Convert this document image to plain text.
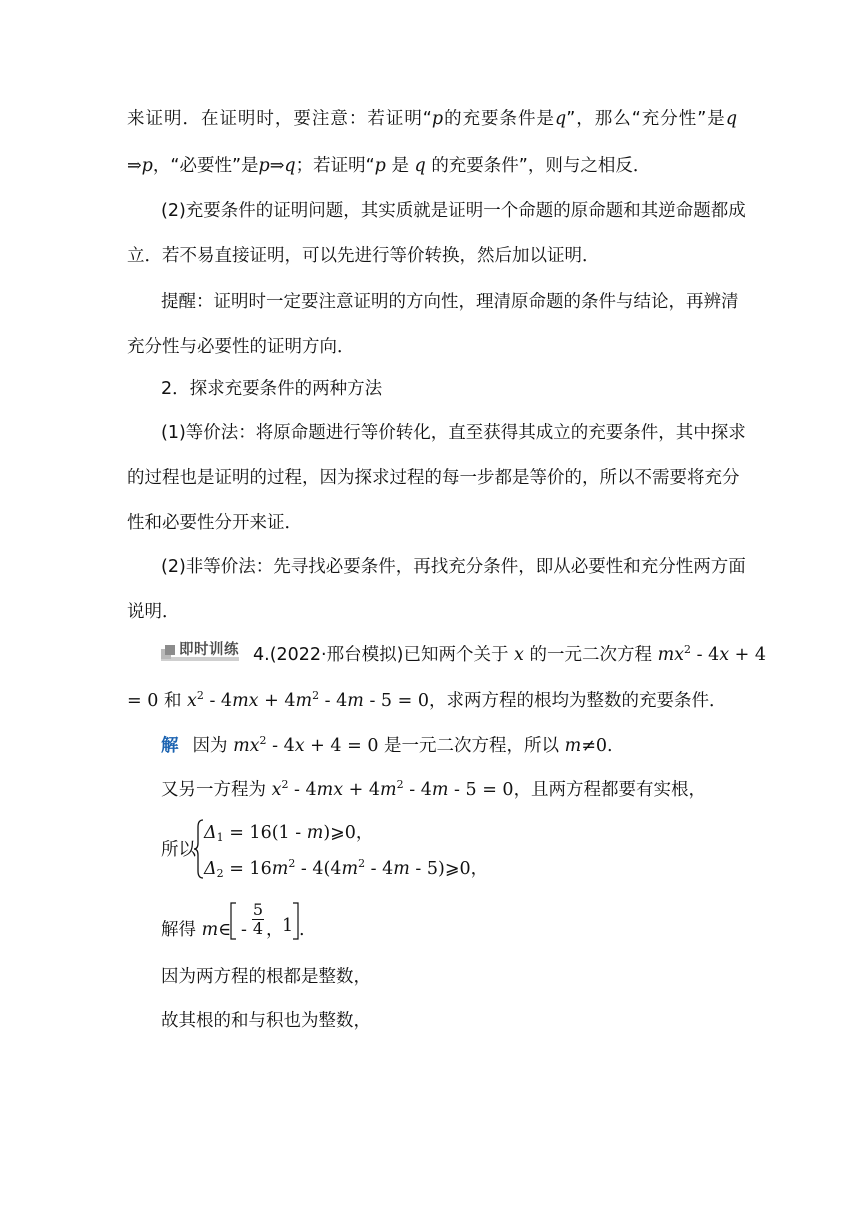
来证明．在证明时，要注意：若证明“p的充要条件是q”，那么“充分性”是q
⇒p，“必要性”是p⇒q；若证明“p 是 q 的充要条件”，则与之相反．
(2)充要条件的证明问题，其实质就是证明一个命题的原命题和其逆命题都成
立．若不易直接证明，可以先进行等价转换，然后加以证明．
提醒：证明时一定要注意证明的方向性，理清原命题的条件与结论，再辨清
充分性与必要性的证明方向．
2．探求充要条件的两种方法
(1)等价法：将原命题进行等价转化，直至获得其成立的充要条件，其中探求
的过程也是证明的过程，因为探求过程的每一步都是等价的，所以不需要将充分
性和必要性分开来证．
(2)非等价法：先寻找必要条件，再找充分条件，即从必要性和充分性两方面
说明．
即时训练 4.(2022·邢台模拟)已知两个关于 x 的一元二次方程 $mx^2 - 4x + 4$
= 0 和 $x^2 - 4mx + 4m^2 - 4m - 5 = 0$，求两方程的根均为整数的充要条件．
解 因为 $mx^2 - 4x + 4 = 0$ 是一元二次方程，所以 m≠0.
又另一方程为 $x^2 - 4mx + 4m^2 - 4m - 5 = 0$，且两方程都要有实根，
所以
$\Delta_1 = 16(1$ - m)⩾0，
$\Delta_2 = 16m^2 - 4(4m^2 - 4m$ - 5)⩾0，
解得 m∈ -
5
4 ，
1 .
因为两方程的根都是整数，
故其根的和与积也为整数，
